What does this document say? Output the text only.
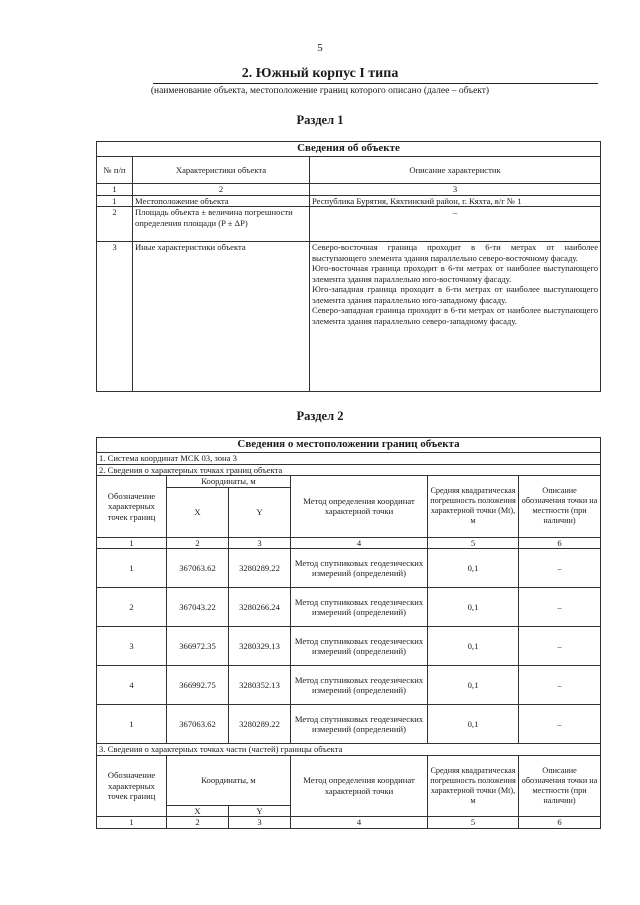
5
2. Южный корпус I типа
(наименование объекта, местоположение границ которого описано (далее – объект)
Раздел 1
Сведения об объекте		
№ п/п	Характеристики объекта	Описание характеристик
1	2	3
1	Местоположение объекта	Республика Бурятия, Кяхтинский район, г. Кяхта, в/г № 1
2	Площадь объекта ± величина погрешности определения площади (P ± ΔP)	–
3	Иные характеристики объекта	Северо-восточная граница проходит в 6-ти метрах от наиболее выступающего элемента здания параллельно северо-восточному фасаду.
Юго-восточная граница проходит в 6-ти метрах от наиболее выступающего элемента здания параллельно юго-восточному фасаду.
Юго-западная граница проходит в 6-ти метрах от наиболее выступающего элемента здания параллельно юго-западному фасаду.
Северо-западная граница проходит в 6-ти метрах от наиболее выступающего элемента здания параллельно северо-западному фасаду.
Раздел 2
Сведения о местоположении границ объекта					
1. Система координат МСК 03, зона 3					
2. Сведения о характерных точках границ объекта					
Обозначение характерных точек границ	Координаты, м		Метод определения координат характерной точки	Средняя квадратическая погрешность положения характерной точки (Mt), м	Описание обозначения точки на местности (при наличии)
	X	Y			
1	2	3	4	5	6
1	367063.62	3280289.22	Метод спутниковых геодезических измерений (определений)	0,1	–
2	367043.22	3280266.24	Метод спутниковых геодезических измерений (определений)	0,1	–
3	366972.35	3280329.13	Метод спутниковых геодезических измерений (определений)	0,1	–
4	366992.75	3280352.13	Метод спутниковых геодезических измерений (определений)	0,1	–
1	367063.62	3280289.22	Метод спутниковых геодезических измерений (определений)	0,1	–
3. Сведения о характерных точках части (частей) границы объекта					
Обозначение характерных точек границ	Координаты, м		Метод определения координат характерной точки	Средняя квадратическая погрешность положения характерной точки (Mt), м	Описание обозначения точки на местности (при наличии)
	X	Y			
1	2	3	4	5	6
